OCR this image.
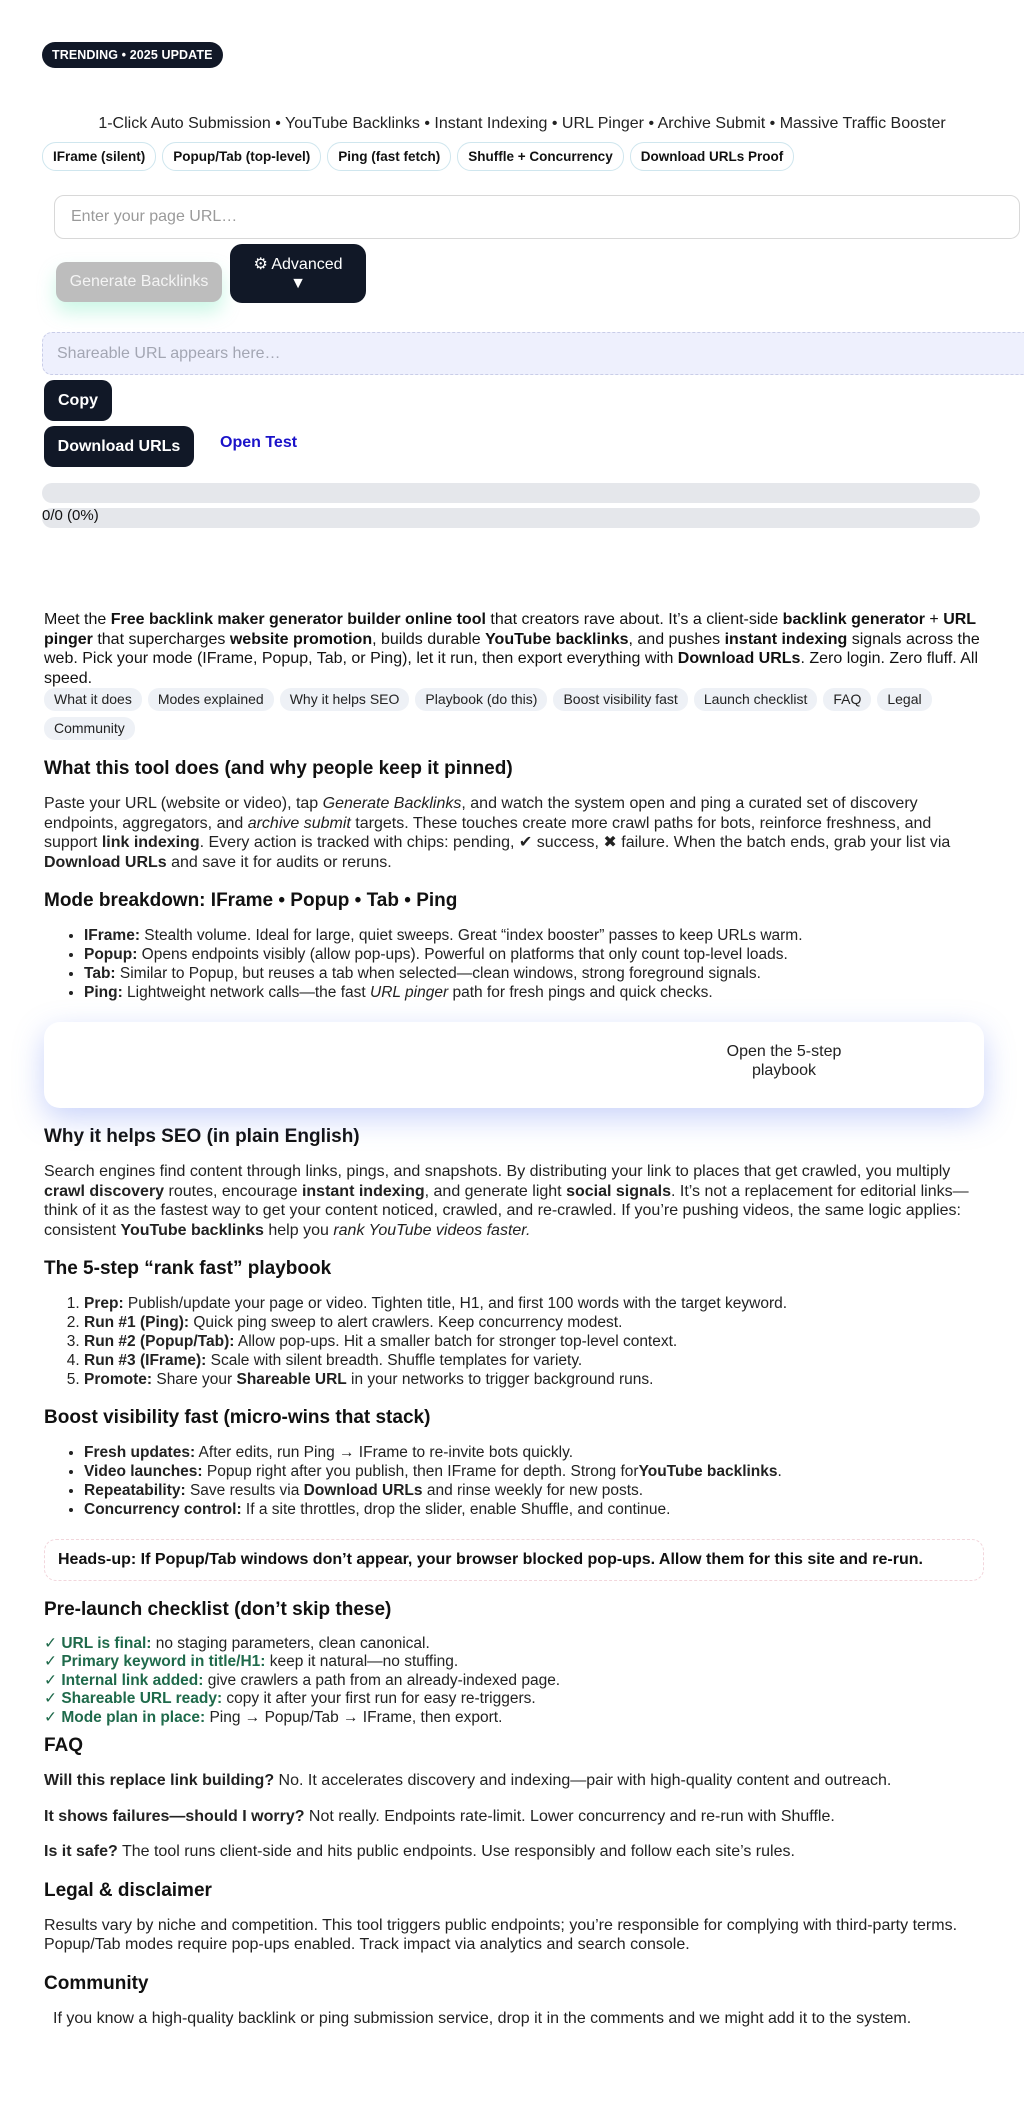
TRENDING • 2025 UPDATE
1-Click Auto Submission • YouTube Backlinks • Instant Indexing • URL Pinger • Archive Submit • Massive Traffic Booster
IFrame (silent)	Popup/Tab (top-level)	Ping (fast fetch)	Shuffle + Concurrency	Download URLs Proof
Enter your page URL…
Generate Backlinks
⚙ Advanced
▼
Shareable URL appears here…
Copy
Download URLs	Open Test
0/0 (0%)

Meet the Free backlink maker generator builder online tool that creators rave about. It’s a client-side backlink generator + URL pinger that supercharges website promotion, builds durable YouTube backlinks, and pushes instant indexing signals across the web. Pick your mode (IFrame, Popup, Tab, or Ping), let it run, then export everything with Download URLs. Zero login. Zero fluff. All speed.

What it does	Modes explained	Why it helps SEO	Playbook (do this)	Boost visibility fast	Launch checklist	FAQ	Legal
Community
What this tool does (and why people keep it pinned)

Paste your URL (website or video), tap Generate Backlinks, and watch the system open and ping a curated set of discovery endpoints, aggregators, and archive submit targets. These touches create more crawl paths for bots, reinforce freshness, and support link indexing. Every action is tracked with chips: pending, ✔ success, ✖ failure. When the batch ends, grab your list via
Download URLs and save it for audits or reruns.

Mode breakdown: IFrame • Popup • Tab • Ping
• IFrame: Stealth volume. Ideal for large, quiet sweeps. Great “index booster” passes to keep URLs warm.
• Popup: Opens endpoints visibly (allow pop-ups). Powerful on platforms that only count top-level loads.
• Tab: Similar to Popup, but reuses a tab when selected—clean windows, strong foreground signals.
• Ping: Lightweight network calls—the fast URL pinger path for fresh pings and quick checks.
Open the 5-step playbook
Why it helps SEO (in plain English)

Search engines find content through links, pings, and snapshots. By distributing your link to places that get crawled, you multiply crawl discovery routes, encourage instant indexing, and generate light social signals. It’s not a replacement for editorial links—think of it as the fastest way to get your content noticed, crawled, and re-crawled. If you’re pushing videos, the same logic applies: consistent YouTube backlinks help you rank YouTube videos faster.

The 5-step “rank fast” playbook
1. Prep: Publish/update your page or video. Tighten title, H1, and first 100 words with the target keyword.
2. Run #1 (Ping): Quick ping sweep to alert crawlers. Keep concurrency modest.
3. Run #2 (Popup/Tab): Allow pop-ups. Hit a smaller batch for stronger top-level context.
4. Run #3 (IFrame): Scale with silent breadth. Shuffle templates for variety.
5. Promote: Share your Shareable URL in your networks to trigger background runs.
Boost visibility fast (micro-wins that stack)
• Fresh updates: After edits, run Ping → IFrame to re-invite bots quickly.
• Video launches: Popup right after you publish, then IFrame for depth. Strong forYouTube backlinks.
• Repeatability: Save results via Download URLs and rinse weekly for new posts.
• Concurrency control: If a site throttles, drop the slider, enable Shuffle, and continue.
Heads-up: If Popup/Tab windows don’t appear, your browser blocked pop-ups. Allow them for this site and re-run.
Pre-launch checklist (don’t skip these)
✓ URL is final: no staging parameters, clean canonical.
✓ Primary keyword in title/H1: keep it natural—no stuffing.
✓ Internal link added: give crawlers a path from an already-indexed page.
✓ Shareable URL ready: copy it after your first run for easy re-triggers.
✓ Mode plan in place: Ping → Popup/Tab → IFrame, then export.
FAQ

Will this replace link building? No. It accelerates discovery and indexing—pair with high-quality content and outreach.

It shows failures—should I worry? Not really. Endpoints rate-limit. Lower concurrency and re-run with Shuffle.

Is it safe? The tool runs client-side and hits public endpoints. Use responsibly and follow each site’s rules.

Legal & disclaimer

Results vary by niche and competition. This tool triggers public endpoints; you’re responsible for complying with third-party terms. Popup/Tab modes require pop-ups enabled. Track impact via analytics and search console.

Community

If you know a high-quality backlink or ping submission service, drop it in the comments and we might add it to the system.
